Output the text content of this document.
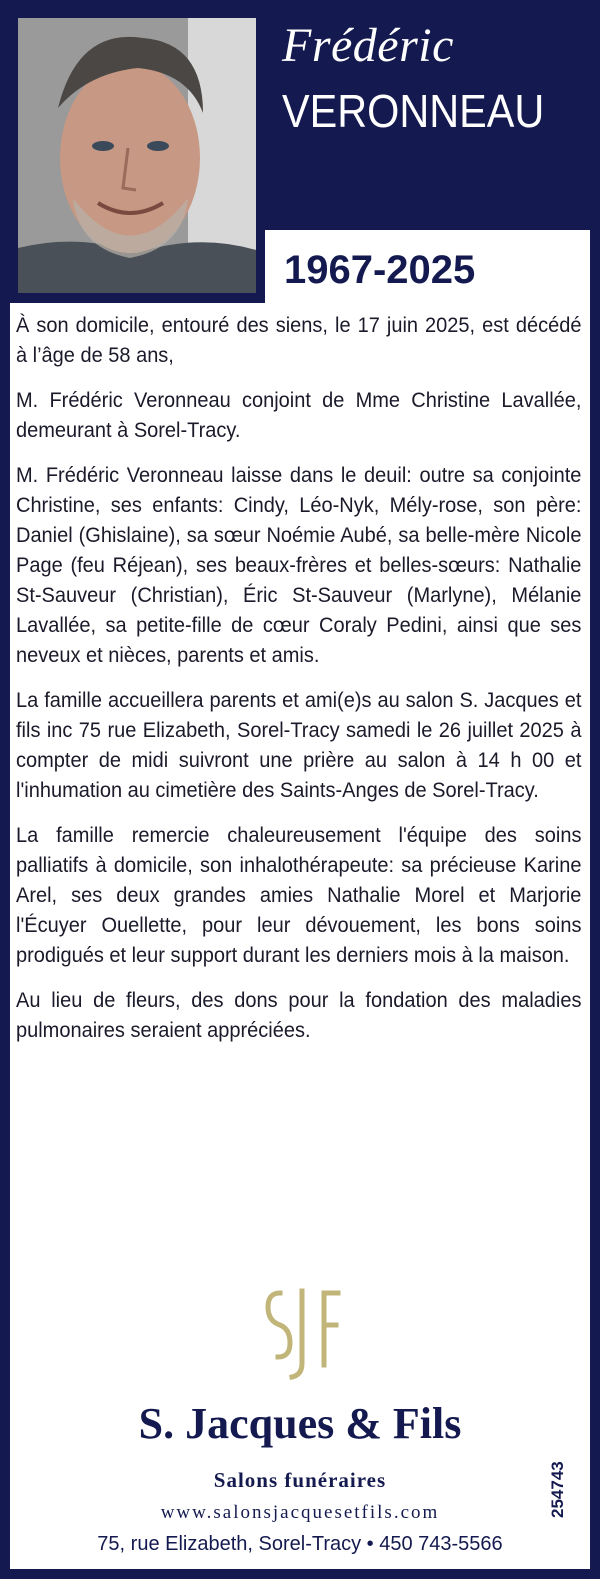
Frédéric
VERONNEAU
1967-2025

À son domicile, entouré des siens, le 17 juin 2025, est décédé à l’âge de 58 ans,

M. Frédéric Veronneau conjoint de Mme Christine Lavallée, demeurant à Sorel-Tracy.

M. Frédéric Veronneau laisse dans le deuil: outre sa conjointe Christine, ses enfants: Cindy, Léo-Nyk, Mély-rose, son père: Daniel (Ghislaine), sa sœur Noémie Aubé, sa belle-mère Nicole Page (feu Réjean), ses beaux-frères et belles-sœurs: Nathalie St-Sauveur (Christian), Éric St-Sauveur (Marlyne), Mélanie Lavallée, sa petite-fille de cœur Coraly Pedini, ainsi que ses neveux et nièces, parents et amis.

La famille accueillera parents et ami(e)s au salon S. Jacques et fils inc 75 rue Elizabeth, Sorel-Tracy samedi le 26 juillet 2025 à compter de midi suivront une prière au salon à 14 h 00 et l'inhumation au cimetière des Saints-Anges de Sorel-Tracy.

La famille remercie chaleureusement l'équipe des soins palliatifs à domicile, son inhalothérapeute: sa précieuse Karine Arel, ses deux grandes amies Nathalie Morel et Marjorie l'Écuyer Ouellette, pour leur dévouement, les bons soins prodigués et leur support durant les derniers mois à la maison.

Au lieu de fleurs, des dons pour la fondation des maladies pulmonaires seraient appréciées.

S. Jacques & Fils
Salons funéraires
www.salonsjacquesetfils.com
75, rue Elizabeth, Sorel-Tracy • 450 743-5566
254743
